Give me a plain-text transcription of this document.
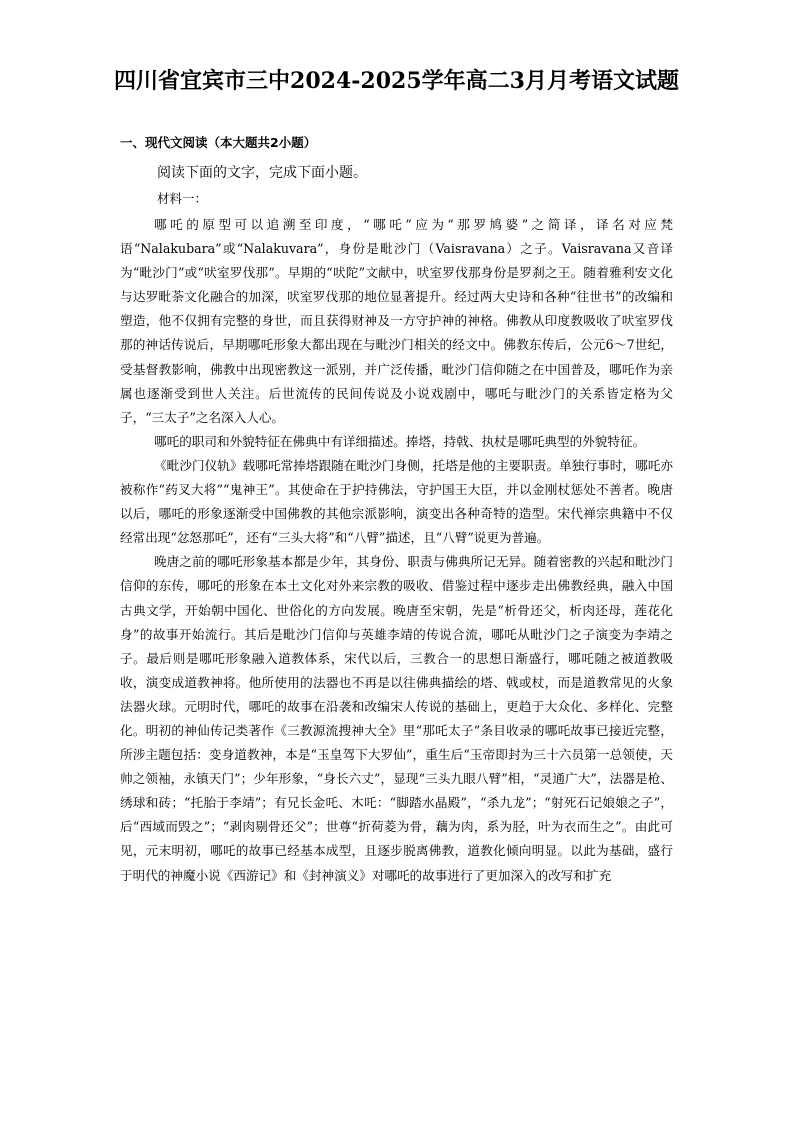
四川省宜宾市三中2024-2025学年高二3月月考语文试题
一、现代文阅读（本大题共2小题）
阅读下面的文字，完成下面小题。
材料一：

哪吒的原型可以追溯至印度，“哪吒”应为“那罗鸠婆”之简译，译名对应梵语“Nalakubara”或“Nalakuvara”，身份是毗沙门（Vaisravana）之子。Vaisravana又音译为“毗沙门”或“吠室罗伐那”。早期的“吠陀”文献中，吠室罗伐那身份是罗刹之王。随着雅利安文化与达罗毗荼文化融合的加深，吠室罗伐那的地位显著提升。经过两大史诗和各种“往世书”的改编和塑造，他不仅拥有完整的身世，而且获得财神及一方守护神的神格。佛教从印度教吸收了吠室罗伐那的神话传说后，早期哪吒形象大都出现在与毗沙门相关的经文中。佛教东传后，公元6～7世纪，受基督教影响，佛教中出现密教这一派别，并广泛传播，毗沙门信仰随之在中国普及，哪吒作为亲属也逐渐受到世人关注。后世流传的民间传说及小说戏剧中，哪吒与毗沙门的关系皆定格为父子，“三太子”之名深入人心。

哪吒的职司和外貌特征在佛典中有详细描述。捧塔，持戟、执杖是哪吒典型的外貌特征。

《毗沙门仪轨》载哪吒常捧塔跟随在毗沙门身侧，托塔是他的主要职责。单独行事时，哪吒亦被称作“药叉大将”“鬼神王”。其使命在于护持佛法，守护国王大臣，并以金刚杖惩处不善者。晚唐以后，哪吒的形象逐渐受中国佛教的其他宗派影响，演变出各种奇特的造型。宋代禅宗典籍中不仅经常出现“忿怒那吒”，还有“三头大将”和“八臂”描述，且“八臂”说更为普遍。

晚唐之前的哪吒形象基本都是少年，其身份、职责与佛典所记无异。随着密教的兴起和毗沙门信仰的东传，哪吒的形象在本土文化对外来宗教的吸收、借鉴过程中逐步走出佛教经典，融入中国古典文学，开始朝中国化、世俗化的方向发展。晚唐至宋朝，先是“析骨还父，析肉还母，莲花化身”的故事开始流行。其后是毗沙门信仰与英雄李靖的传说合流，哪吒从毗沙门之子演变为李靖之子。最后则是哪吒形象融入道教体系，宋代以后，三教合一的思想日渐盛行，哪吒随之被道教吸收，演变成道教神将。他所使用的法器也不再是以往佛典描绘的塔、戟或杖，而是道教常见的火象法器火球。元明时代，哪吒的故事在沿袭和改编宋人传说的基础上，更趋于大众化、多样化、完整化。明初的神仙传记类著作《三教源流搜神大全》里“那吒太子”条目收录的哪吒故事已接近完整，所涉主题包括：变身道教神，本是“玉皇驾下大罗仙”，重生后“玉帝即封为三十六员第一总领使，天帅之领袖，永镇天门”；少年形象，“身长六丈”，显现“三头九眼八臂”相，“灵通广大”，法器是枪、绣球和砖；“托胎于李靖”；有兄长金吒、木吒：“脚踏水晶殿”，“杀九龙”；“射死石记娘娘之子”，后“西域而毁之”；“剥肉剔骨还父”；世尊“折荷菱为骨，藕为肉，系为胫，叶为衣而生之”。由此可见，元末明初，哪吒的故事已经基本成型，且逐步脱离佛教，道教化倾向明显。以此为基础，盛行于明代的神魔小说《西游记》和《封神演义》对哪吒的故事进行了更加深入的改写和扩充
